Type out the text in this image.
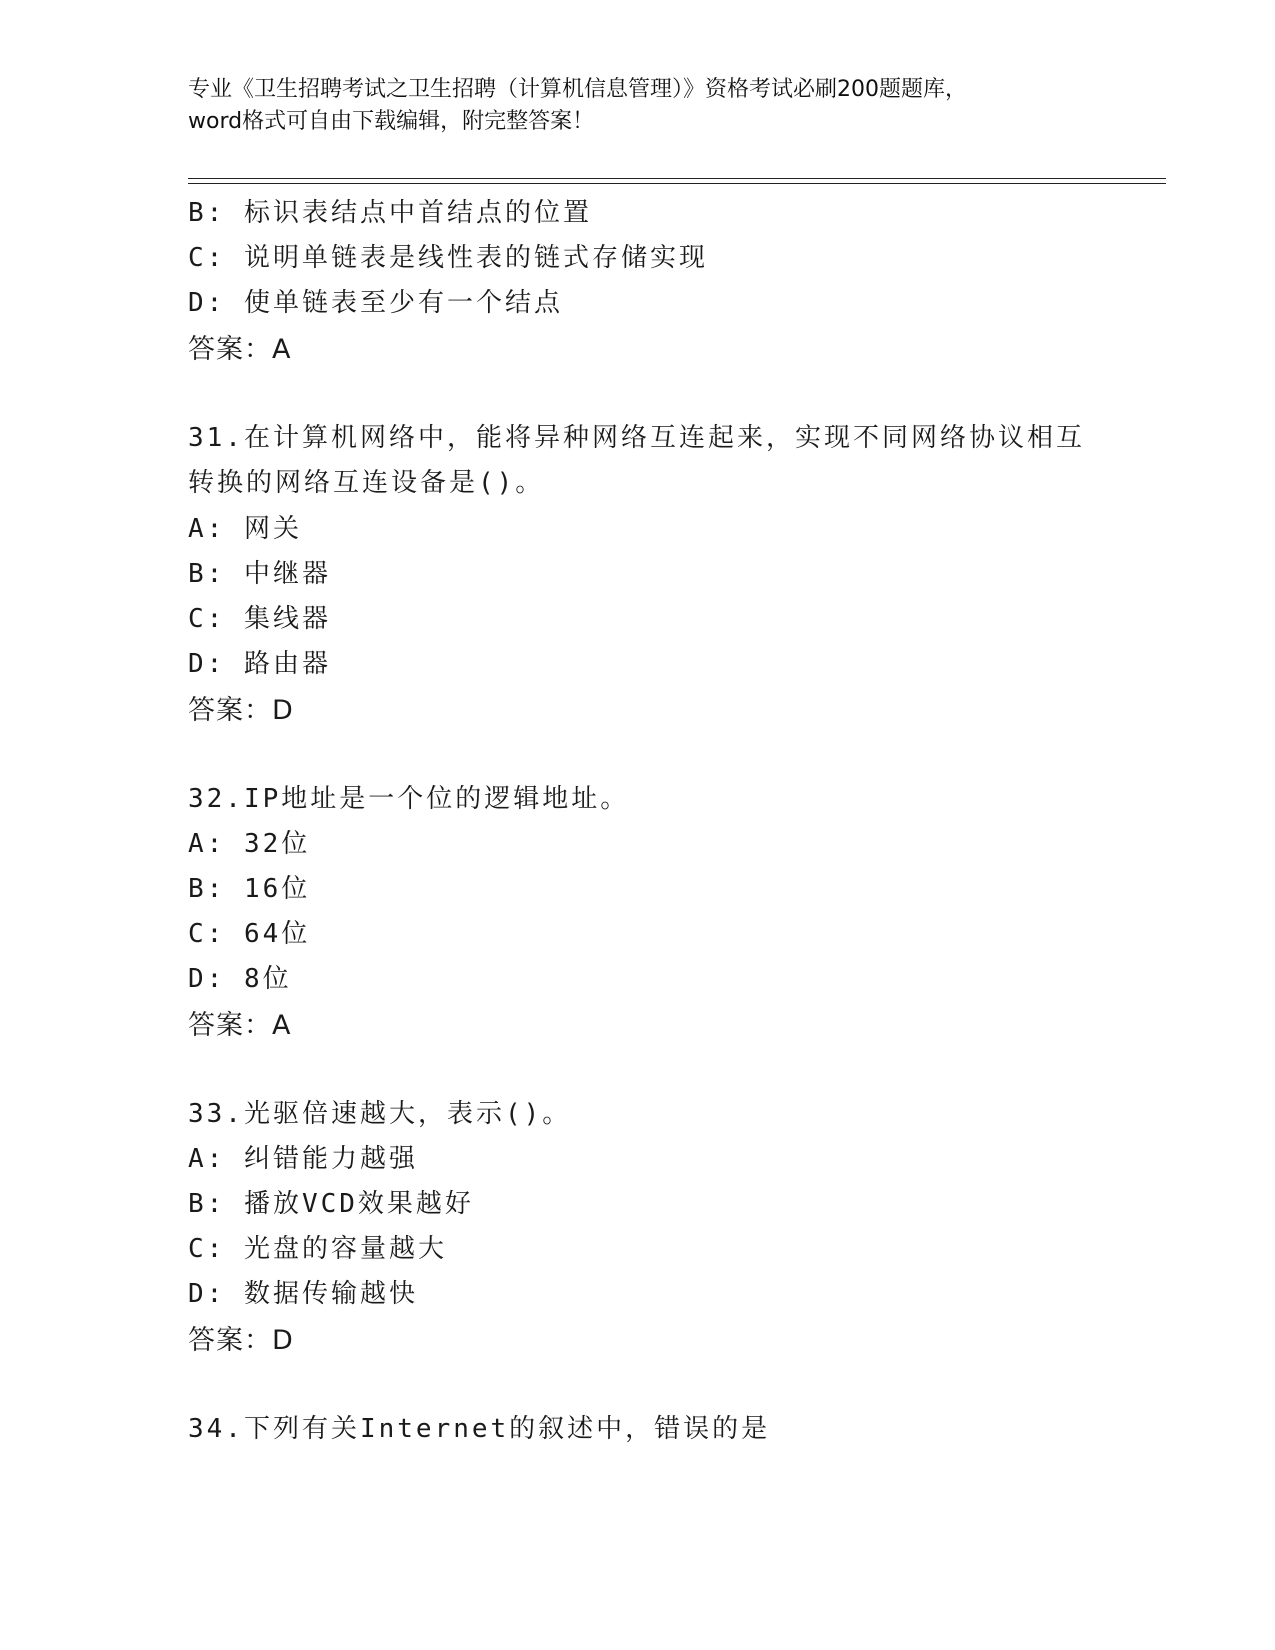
专业《卫生招聘考试之卫生招聘（计算机信息管理）》资格考试必刷200题题库，
word格式可自由下载编辑，附完整答案！
B: 标识表结点中首结点的位置
C: 说明单链表是线性表的链式存储实现
D: 使单链表至少有一个结点
答案：A
31.在计算机网络中，能将异种网络互连起来，实现不同网络协议相互
转换的网络互连设备是()。
A: 网关
B: 中继器
C: 集线器
D: 路由器
答案：D
32.IP地址是一个位的逻辑地址。
A: 32位
B: 16位
C: 64位
D: 8位
答案：A
33.光驱倍速越大，表示()。
A: 纠错能力越强
B: 播放VCD效果越好
C: 光盘的容量越大
D: 数据传输越快
答案：D
34.下列有关Internet的叙述中，错误的是
